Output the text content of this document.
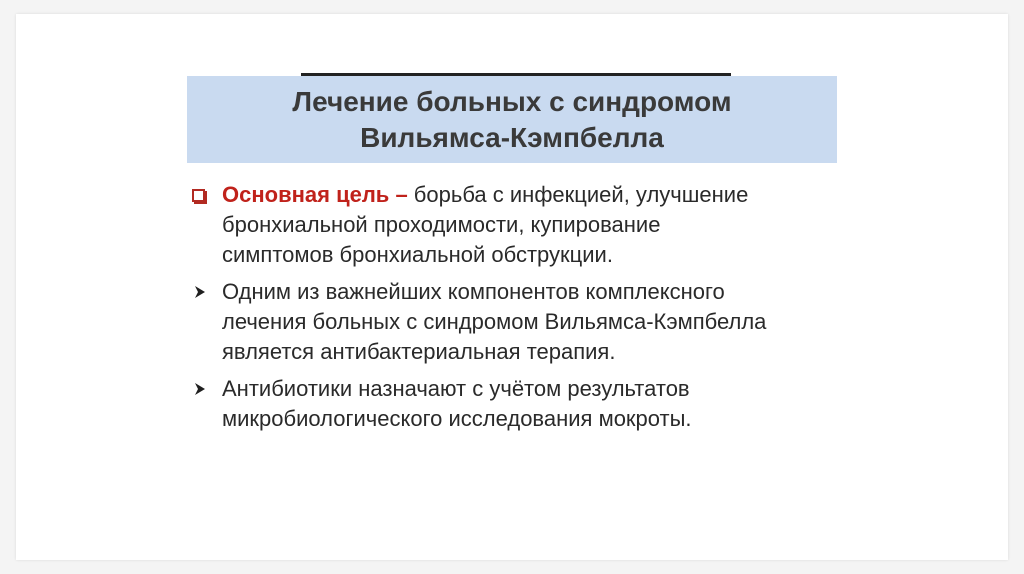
Лечение больных с синдромом
Вильямса-Кэмпбелла
Основная цель – борьба с инфекцией, улучшение
бронхиальной проходимости, купирование
симптомов бронхиальной обструкции.
Одним из важнейших компонентов комплексного
лечения больных с синдромом Вильямса-Кэмпбелла
является антибактериальная терапия.
Антибиотики назначают с учётом результатов
микробиологического исследования мокроты.
